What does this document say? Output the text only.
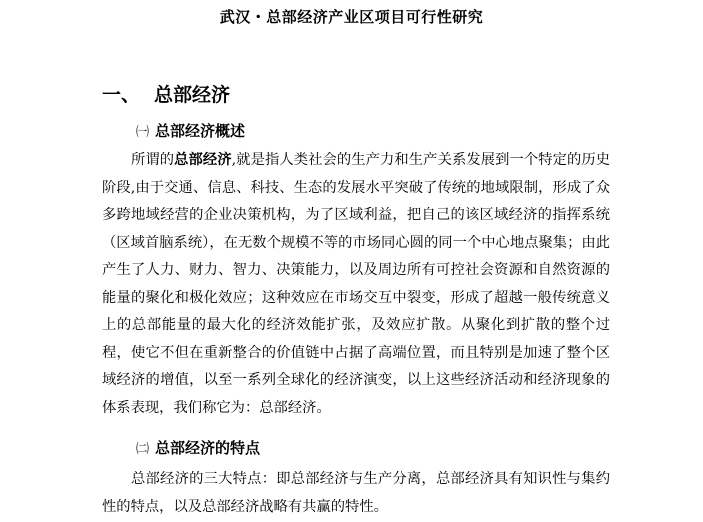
武汉・总部经济产业区项目可行性研究
一、 总部经济
㈠ 总部经济概述
所谓的总部经济,就是指人类社会的生产力和生产关系发展到一个特定的历史阶段,由于交通、信息、科技、生态的发展水平突破了传统的地域限制，形成了众多跨地域经营的企业决策机构，为了区域利益，把自己的该区域经济的指挥系统（区域首脑系统），在无数个规模不等的市场同心圆的同一个中心地点聚集；由此产生了人力、财力、智力、决策能力，以及周边所有可控社会资源和自然资源的能量的聚化和极化效应；这种效应在市场交互中裂变，形成了超越一般传统意义上的总部能量的最大化的经济效能扩张，及效应扩散。从聚化到扩散的整个过程，使它不但在重新整合的价值链中占据了高端位置，而且特别是加速了整个区域经济的增值，以至一系列全球化的经济演变，以上这些经济活动和经济现象的体系表现，我们称它为：总部经济。
㈡ 总部经济的特点
总部经济的三大特点：即总部经济与生产分离，总部经济具有知识性与集约性的特点，以及总部经济战略有共赢的特性。
